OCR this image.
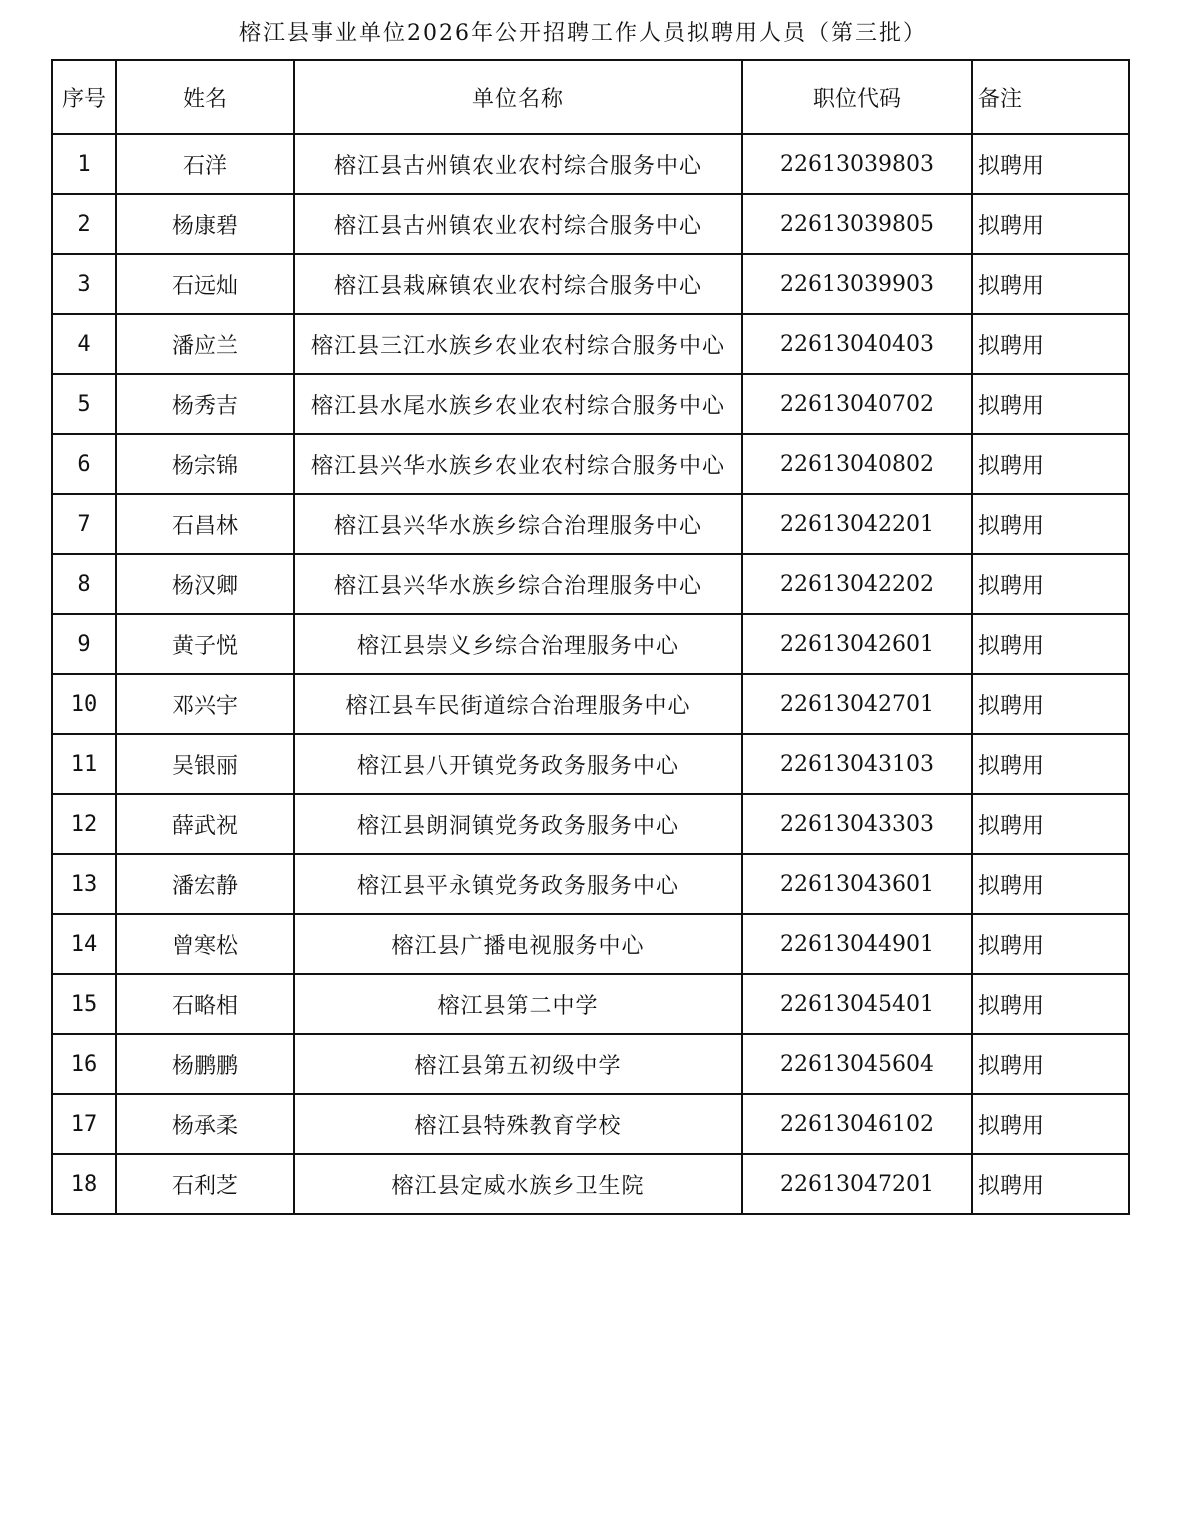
榕江县事业单位2026年公开招聘工作人员拟聘用人员（第三批）
序号	姓名	单位名称	职位代码	备注
1	石洋	榕江县古州镇农业农村综合服务中心	22613039803	拟聘用
2	杨康碧	榕江县古州镇农业农村综合服务中心	22613039805	拟聘用
3	石远灿	榕江县栽麻镇农业农村综合服务中心	22613039903	拟聘用
4	潘应兰	榕江县三江水族乡农业农村综合服务中心	22613040403	拟聘用
5	杨秀吉	榕江县水尾水族乡农业农村综合服务中心	22613040702	拟聘用
6	杨宗锦	榕江县兴华水族乡农业农村综合服务中心	22613040802	拟聘用
7	石昌林	榕江县兴华水族乡综合治理服务中心	22613042201	拟聘用
8	杨汉卿	榕江县兴华水族乡综合治理服务中心	22613042202	拟聘用
9	黄子悦	榕江县崇义乡综合治理服务中心	22613042601	拟聘用
10	邓兴宇	榕江县车民街道综合治理服务中心	22613042701	拟聘用
11	吴银丽	榕江县八开镇党务政务服务中心	22613043103	拟聘用
12	薛武祝	榕江县朗洞镇党务政务服务中心	22613043303	拟聘用
13	潘宏静	榕江县平永镇党务政务服务中心	22613043601	拟聘用
14	曾寒松	榕江县广播电视服务中心	22613044901	拟聘用
15	石略相	榕江县第二中学	22613045401	拟聘用
16	杨鹏鹏	榕江县第五初级中学	22613045604	拟聘用
17	杨承柔	榕江县特殊教育学校	22613046102	拟聘用
18	石利芝	榕江县定威水族乡卫生院	22613047201	拟聘用
